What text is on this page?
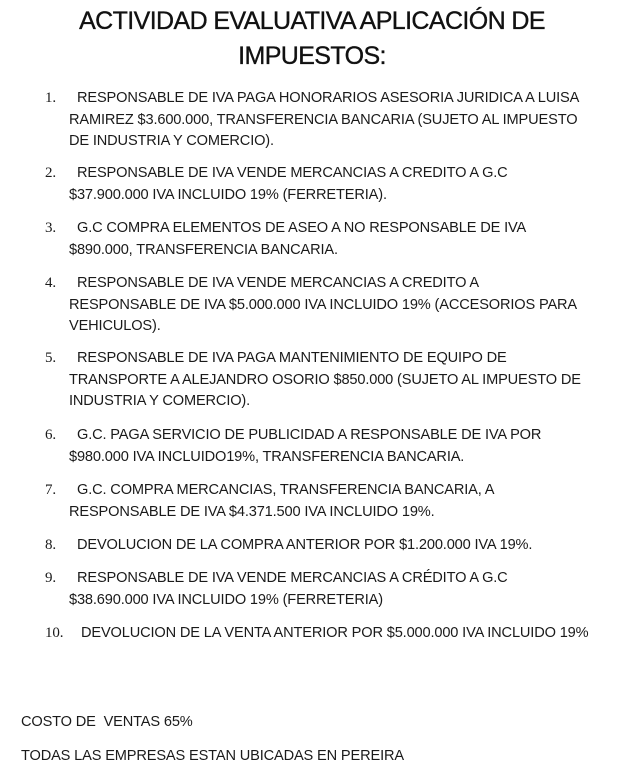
ACTIVIDAD EVALUATIVA APLICACIÓN DE
IMPUESTOS:
1.	RESPONSABLE DE IVA PAGA HONORARIOS ASESORIA JURIDICA A LUISA RAMIREZ $3.600.000, TRANSFERENCIA BANCARIA (SUJETO AL IMPUESTO DE INDUSTRIA Y COMERCIO).
2.	RESPONSABLE DE IVA VENDE MERCANCIAS A CREDITO A G.C $37.900.000 IVA INCLUIDO 19% (FERRETERIA).
3.	G.C COMPRA ELEMENTOS DE ASEO A NO RESPONSABLE DE IVA $890.000, TRANSFERENCIA BANCARIA.
4.	RESPONSABLE DE IVA VENDE MERCANCIAS A CREDITO A RESPONSABLE DE IVA $5.000.000 IVA INCLUIDO 19% (ACCESORIOS PARA VEHICULOS).
5.	RESPONSABLE DE IVA PAGA MANTENIMIENTO DE EQUIPO DE TRANSPORTE A ALEJANDRO OSORIO $850.000 (SUJETO AL IMPUESTO DE INDUSTRIA Y COMERCIO).
6.	G.C. PAGA SERVICIO DE PUBLICIDAD A RESPONSABLE DE IVA POR $980.000 IVA INCLUIDO19%, TRANSFERENCIA BANCARIA.
7.	G.C. COMPRA MERCANCIAS, TRANSFERENCIA BANCARIA, A RESPONSABLE DE IVA $4.371.500 IVA INCLUIDO 19%.
8.	DEVOLUCION DE LA COMPRA ANTERIOR POR $1.200.000 IVA 19%.
9.	RESPONSABLE DE IVA VENDE MERCANCIAS A CRÉDITO A G.C $38.690.000 IVA INCLUIDO 19% (FERRETERIA)
10.	DEVOLUCION DE LA VENTA ANTERIOR POR $5.000.000 IVA INCLUIDO 19%
COSTO DE  VENTAS 65%
TODAS LAS EMPRESAS ESTAN UBICADAS EN PEREIRA
